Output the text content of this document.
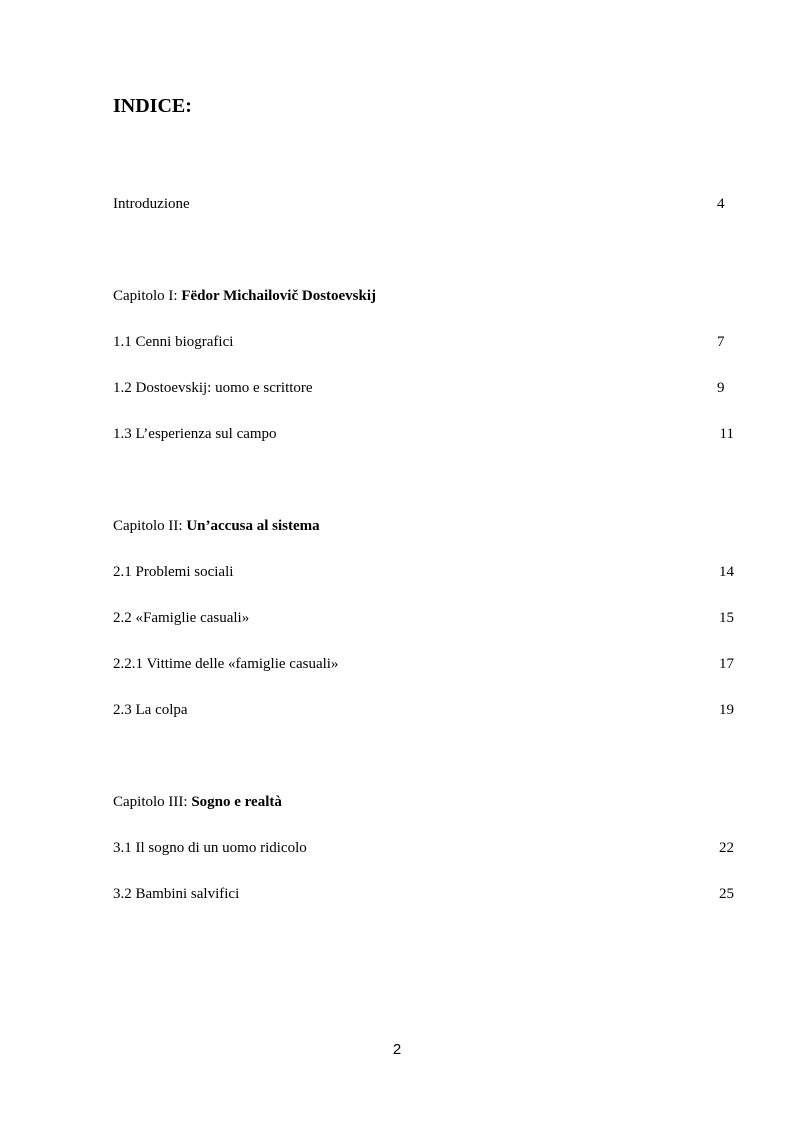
INDICE:
Introduzione	4
Capitolo I: Fëdor Michailovič Dostoevskij
1.1 Cenni biografici	7
1.2 Dostoevskij: uomo e scrittore	9
1.3 L’esperienza sul campo	11
Capitolo II: Un’accusa al sistema
2.1 Problemi sociali	14
2.2 «Famiglie casuali»	15
2.2.1 Vittime delle «famiglie casuali»	17
2.3 La colpa	19
Capitolo III: Sogno e realtà
3.1 Il sogno di un uomo ridicolo	22
3.2 Bambini salvifici	25
2
